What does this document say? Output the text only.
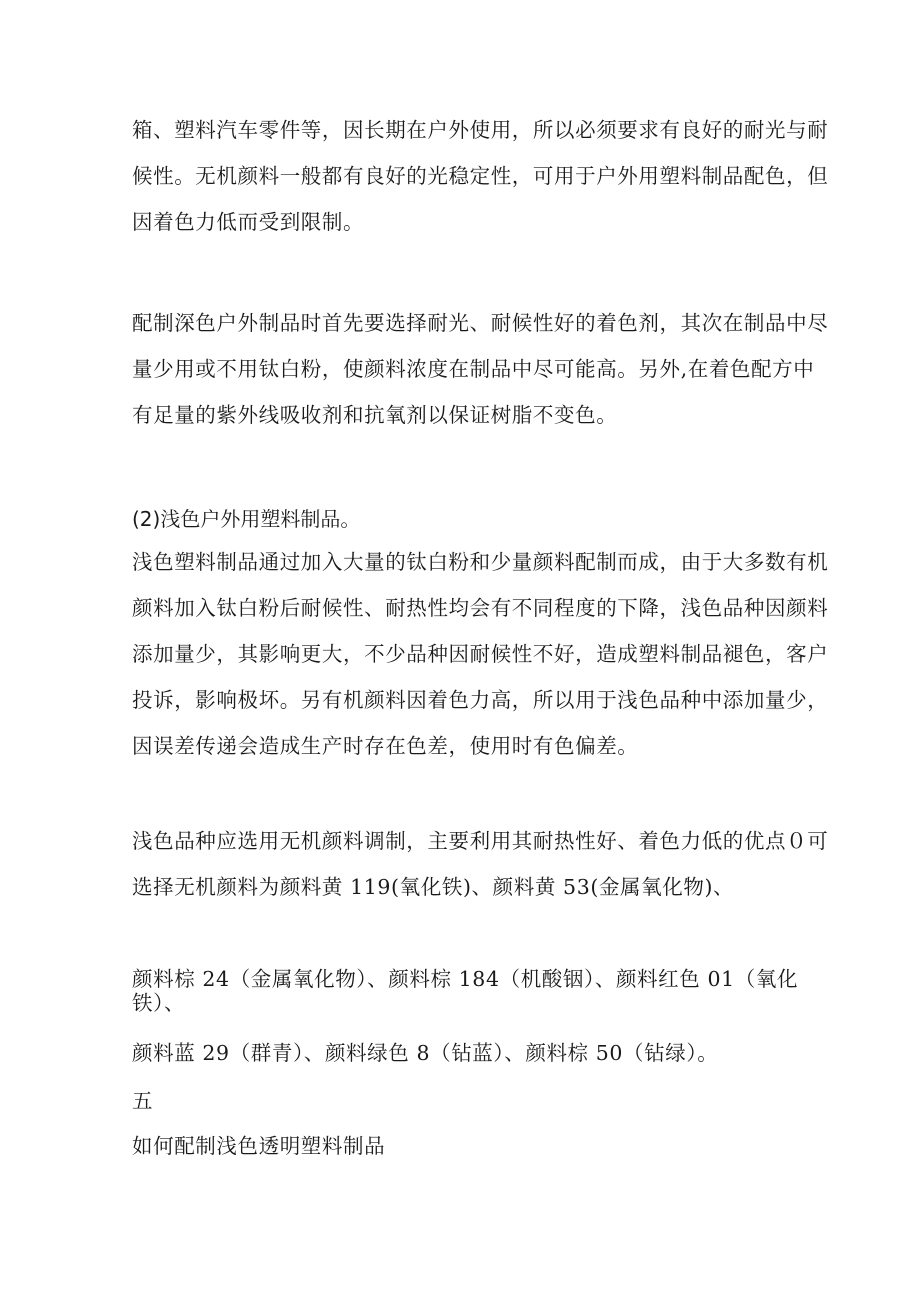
箱、塑料汽车零件等，因长期在户外使用，所以必须要求有良好的耐光与耐
候性。无机颜料一般都有良好的光稳定性，可用于户外用塑料制品配色，但
因着色力低而受到限制。

配制深色户外制品时首先要选择耐光、耐候性好的着色剂，其次在制品中尽
量少用或不用钛白粉，使颜料浓度在制品中尽可能高。另外,在着色配方中
有足量的紫外线吸收剂和抗氧剂以保证树脂不变色。

(2)浅色户外用塑料制品。

浅色塑料制品通过加入大量的钛白粉和少量颜料配制而成，由于大多数有机
颜料加入钛白粉后耐候性、耐热性均会有不同程度的下降，浅色品种因颜料
添加量少，其影响更大，不少品种因耐候性不好，造成塑料制品褪色，客户
投诉，影响极坏。另有机颜料因着色力高，所以用于浅色品种中添加量少，
因误差传递会造成生产时存在色差，使用时有色偏差。

浅色品种应选用无机颜料调制，主要利用其耐热性好、着色力低的优点０可
选择无机颜料为颜料黄 119(氧化铁)、颜料黄 53(金属氧化物)、

颜料棕 24（金属氧化物）、颜料棕 184（机酸铟）、颜料红色 01（氧化
铁）、

颜料蓝 29（群青）、颜料绿色 8（钻蓝）、颜料棕 50（钻绿）。

五

如何配制浅色透明塑料制品
